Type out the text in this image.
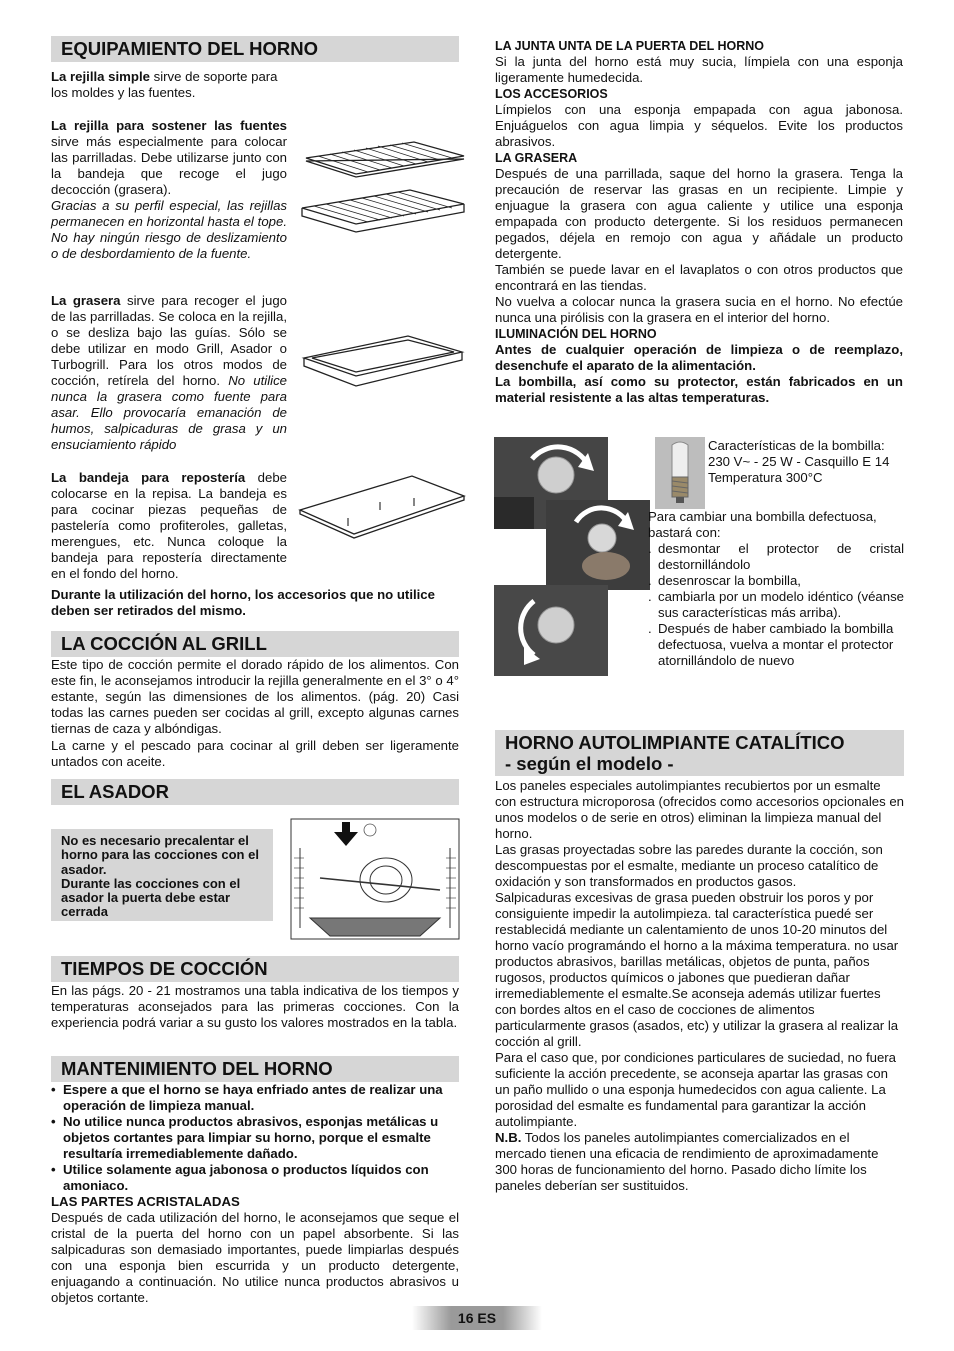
EQUIPAMIENTO DEL HORNO

La rejilla simple sirve de soporte para los moldes y las fuentes.

La rejilla para sostener las fuentes sirve más especialmente para colocar las parrilladas. Debe utilizarse junto con la bandeja que recoge el jugo decocción (grasera).
Gracias a su perfil especial, las rejillas permanecen en horizontal hasta el tope. No hay ningún riesgo de deslizamiento o de desbordamiento de la fuente.

La grasera sirve para recoger el jugo de las parrilladas. Se coloca en la rejilla, o se desliza bajo las guías. Sólo se debe utilizar en modo Grill, Asador o Turbogrill. Para los otros modos de cocción, retírela del horno. No utilice nunca la grasera como fuente para asar. Ello provocaría emanación de humos, salpicaduras de grasa y un ensuciamiento rápido

La bandeja para repostería debe colocarse en la repisa. La bandeja es para cocinar piezas pequeñas de pastelería como profiteroles, galletas, merengues, etc. Nunca coloque la bandeja para repostería directamente en el fondo del horno.

Durante la utilización del horno, los accesorios que no utilice deben ser retirados del mismo.

LA COCCIÓN AL GRILL

Este tipo de cocción permite el dorado rápido de los alimentos. Con este fin, le aconsejamos introducir la rejilla generalmente en el 3° o 4° estante, según las dimensiones de los alimentos. (pág. 20) Casi todas las carnes pueden ser cocidas al grill, excepto algunas carnes tiernas de caza y albóndigas.

La carne y el pescado para cocinar al grill deben ser ligeramente untados con aceite.

EL ASADOR
No es necesario precalentar el horno para las cocciones con el asador.
Durante las cocciones con el asador la puerta debe estar cerrada
TIEMPOS DE COCCIÓN

En las págs. 20 - 21 mostramos una tabla indicativa de los tiempos y temperaturas aconsejados para las primeras cocciones. Con la experiencia podrá variar a su gusto los valores mostrados en la tabla.

MANTENIMIENTO DEL HORNO
• Espere a que el horno se haya enfriado antes de realizar una operación de limpieza manual.
• No utilice nunca productos abrasivos, esponjas metálicas u objetos cortantes para limpiar su horno, porque el esmalte resultaría irremediablemente dañado.
• Utilice solamente agua jabonosa o productos líquidos con amoniaco.
LAS PARTES ACRISTALADAS

Después de cada utilización del horno, le aconsejamos que seque el cristal de la puerta del horno con un papel absorbente. Si las salpicaduras son demasiado importantes, puede limpiarlas después con una esponja bien escurrida y un producto detergente, enjuagando a continuación. No utilice nunca productos abrasivos u objetos cortante.

LA JUNTA UNTA DE LA PUERTA DEL HORNO

Si la junta del horno está muy sucia, límpiela con una esponja ligeramente humedecida.

LOS ACCESORIOS

Límpielos con una esponja empapada con agua jabonosa. Enjuáguelos con agua limpia y séquelos. Evite los productos abrasivos.

LA GRASERA

Después de una parrillada, saque del horno la grasera. Tenga la precaución de reservar las grasas en un recipiente. Limpie y enjuague la grasera con agua caliente y utilice una esponja empapada con producto detergente. Si los residuos permanecen pegados, déjela en remojo con agua y añádale un producto detergente.

También se puede lavar en el lavaplatos o con otros productos que encontrará en las tiendas.

No vuelva a colocar nunca la grasera sucia en el horno. No efectúe nunca una pirólisis con la grasera en el interior del horno.

ILUMINACIÓN DEL HORNO

Antes de cualquier operación de limpieza o de reemplazo, desenchufe el aparato de la alimentación.

La bombilla, así como su protector, están fabricados en un material resistente a las altas temperaturas.

Características de la bombilla:
230 V~ - 25 W - Casquillo E 14
Temperatura 300°C
Para cambiar una bombilla defectuosa, bastará con:
. desmontar el protector de cristal destornillándolo
. desenroscar la bombilla,
. cambiarla por un modelo idéntico (véanse sus características más arriba).
. Después de haber cambiado la bombilla defectuosa, vuelva a montar el protector atornillándolo de nuevo
HORNO AUTOLIMPIANTE CATALÍTICO
- según el modelo -

Los paneles especiales autolimpiantes recubiertos por un esmalte con estructura microporosa (ofrecidos como accesorios opcionales en unos modelos o de serie en otros) eliminan la limpieza manual del horno.

Las grasas proyectadas sobre las paredes durante la cocción, son descompuestas por el esmalte, mediante un proceso catalítico de oxidación y son transformados en productos gasos.

Salpicaduras excesivas de grasa pueden obstruir los poros y por consiguiente impedir la autolimpieza. tal característica puedé ser restablecidá mediante un calentamiento de unos 10-20 minutos del horno vacío programándo el horno a la máxima temperatura. no usar productos abrasivos, barillas metálicas, objetos de punta, paños rugosos, productos químicos o jabones que puedieran dañar irremediablemente el esmalte.Se aconseja además utilizar fuertes con bordes altos en el caso de cocciones de alimentos particularmente grasos (asados, etc) y utilizar la grasera al realizar la cocción al grill.

Para el caso que, por condiciones particulares de suciedad, no fuera suficiente la acción precedente, se aconseja apartar las grasas con un paño mullido o una esponja humedecidos con agua caliente. La porosidad del esmalte es fundamental para garantizar la acción autolimpiante.

N.B. Todos los paneles autolimpiantes comercializados en el mercado tienen una eficacia de rendimiento de aproximadamente 300 horas de funcionamiento del horno. Pasado dicho límite los paneles deberían ser sustituidos.

16 ES
